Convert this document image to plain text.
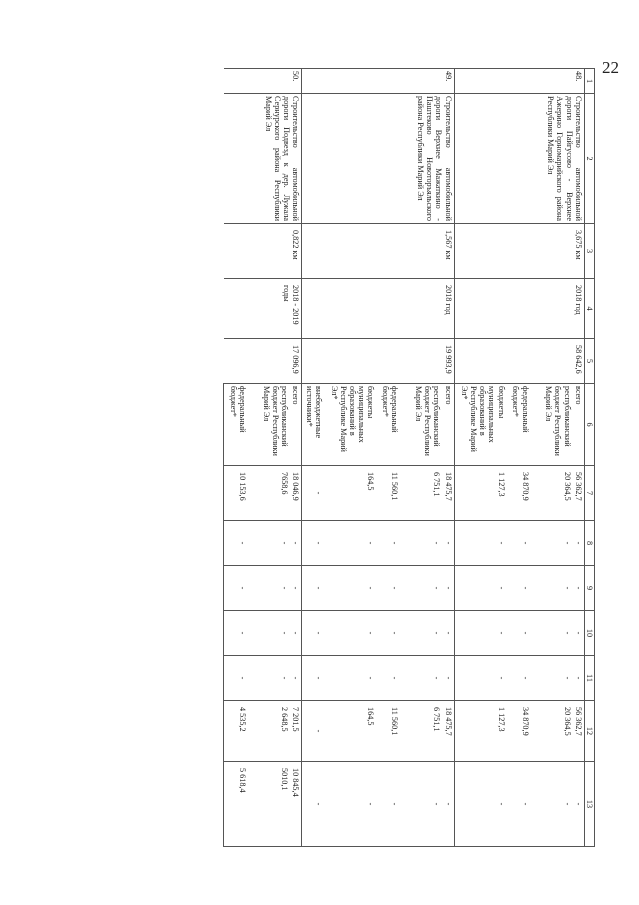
22
1	2	3	4	5	6	7	8	9	10	11	12	13
48.	Строительство автомобильной дороги Пайгусово - Верхнее Ажерино Горномарийского района Республики Марий Эл	3,675 км	2018 год	58 642,6	всего	56 362,7	-	-	-	-	56 362,7	-
					республиканский бюджет Республики Марий Эл	20 364,5	-	-	-	-	20 364,5	-
					федеральный бюджет*	34 870,9	-	-	-	-	34 870,9	-
					бюджеты муниципальных образований в Республике Марий Эл*	1 127,3	-	-	-	-	1 127,3	-
49.	Строительство автомобильной дороги Верхнее Мажаткино - Паштеково Новоторъяльского района Республики Марий Эл	1,567 км	2018 год	19 993,9	всего	18 475,7	-	-	-	-	18 475,7	-
					республиканский бюджет Республики Марий Эл	6 751,1	-	-	-	-	6 751,1	-
					федеральный бюджет*	11 560,1	-	-	-	-	11 560,1	-
					бюджеты муниципальных образований в Республике Марий Эл*	164,5	-	-	-	-	164,5	-
					внебюджетные источники*	-	-	-	-	-	-	-
50.	Строительство автомобильной дороги Подвезд к дер. Лужала Сернурского района Республики Марий Эл	0,822 км	2018 - 2019 годы	17 096,9	всего	18 046,9	-	-	-	-	7 201,5	10 845,4
					республиканский бюджет Республики Марий Эл	7658,6	-	-	-	-	2 648,5	5010,1
					федеральный бюджет*	10 153,6	-	-	-	-	4 535,2	5 618,4
